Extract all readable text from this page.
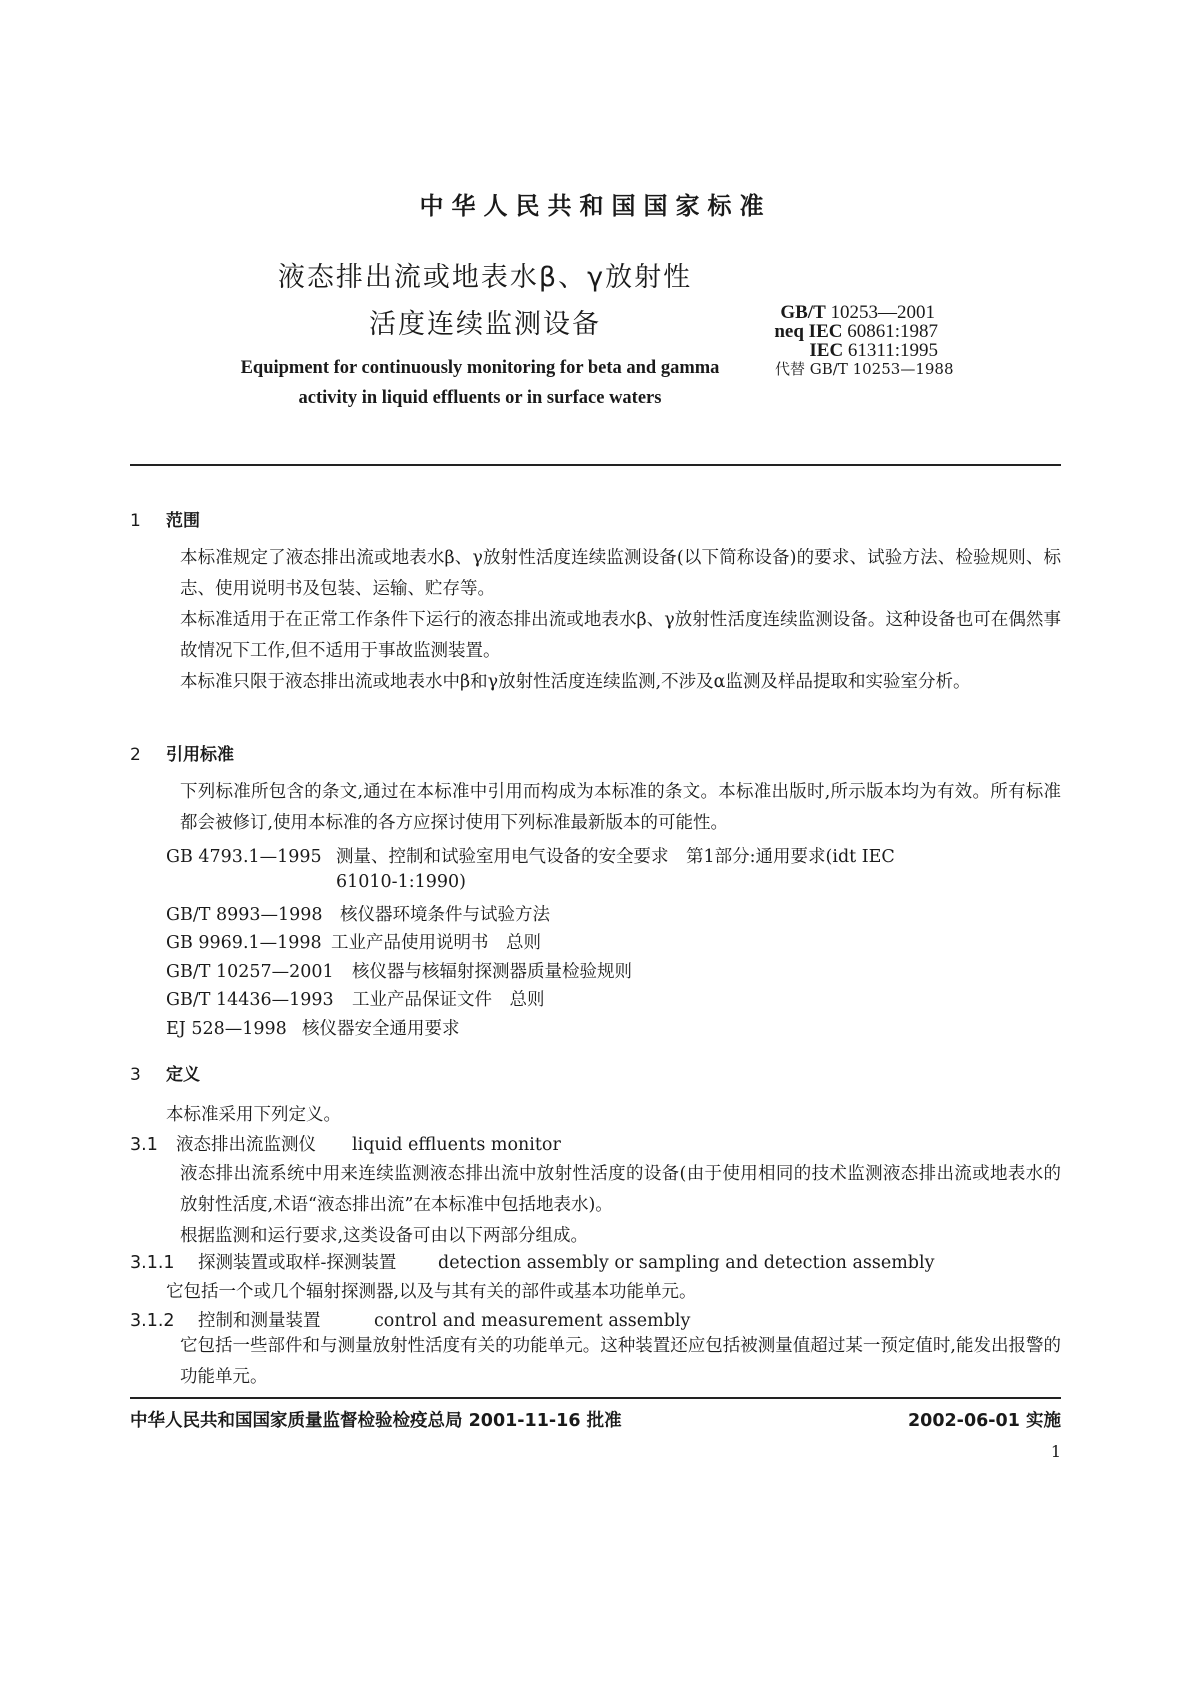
中华人民共和国国家标准
液态排出流或地表水β、γ放射性
活度连续监测设备
Equipment for continuously monitoring for beta and gamma
activity in liquid effluents or in surface waters
GB/T 10253—2001
neq IEC 60861:1987
IEC 61311:1995
代替 GB/T 10253—1988
1 范围
本标准规定了液态排出流或地表水β、γ放射性活度连续监测设备(以下简称设备)的要求、试验方法、检验规则、标志、使用说明书及包装、运输、贮存等。
本标准适用于在正常工作条件下运行的液态排出流或地表水β、γ放射性活度连续监测设备。这种设备也可在偶然事故情况下工作,但不适用于事故监测装置。
本标准只限于液态排出流或地表水中β和γ放射性活度连续监测,不涉及α监测及样品提取和实验室分析。
2 引用标准
下列标准所包含的条文,通过在本标准中引用而构成为本标准的条文。本标准出版时,所示版本均为有效。所有标准都会被修订,使用本标准的各方应探讨使用下列标准最新版本的可能性。
GB 4793.1—1995 测量、控制和试验室用电气设备的安全要求　第1部分:通用要求(idt IEC
61010-1:1990)
GB/T 8993—1998 核仪器环境条件与试验方法
GB 9969.1—1998 工业产品使用说明书　总则
GB/T 10257—2001 核仪器与核辐射探测器质量检验规则
GB/T 14436—1993 工业产品保证文件　总则
EJ 528—1998 核仪器安全通用要求
3 定义
本标准采用下列定义。
3.1 液态排出流监测仪 liquid effluents monitor
液态排出流系统中用来连续监测液态排出流中放射性活度的设备(由于使用相同的技术监测液态排出流或地表水的放射性活度,术语“液态排出流”在本标准中包括地表水)。
根据监测和运行要求,这类设备可由以下两部分组成。
3.1.1 探测装置或取样-探测装置 detection assembly or sampling and detection assembly
它包括一个或几个辐射探测器,以及与其有关的部件或基本功能单元。
3.1.2 控制和测量装置	control and measurement assembly
它包括一些部件和与测量放射性活度有关的功能单元。这种装置还应包括被测量值超过某一预定值时,能发出报警的功能单元。
中华人民共和国国家质量监督检验检疫总局 2001-11-16 批准	2002-06-01 实施
1
